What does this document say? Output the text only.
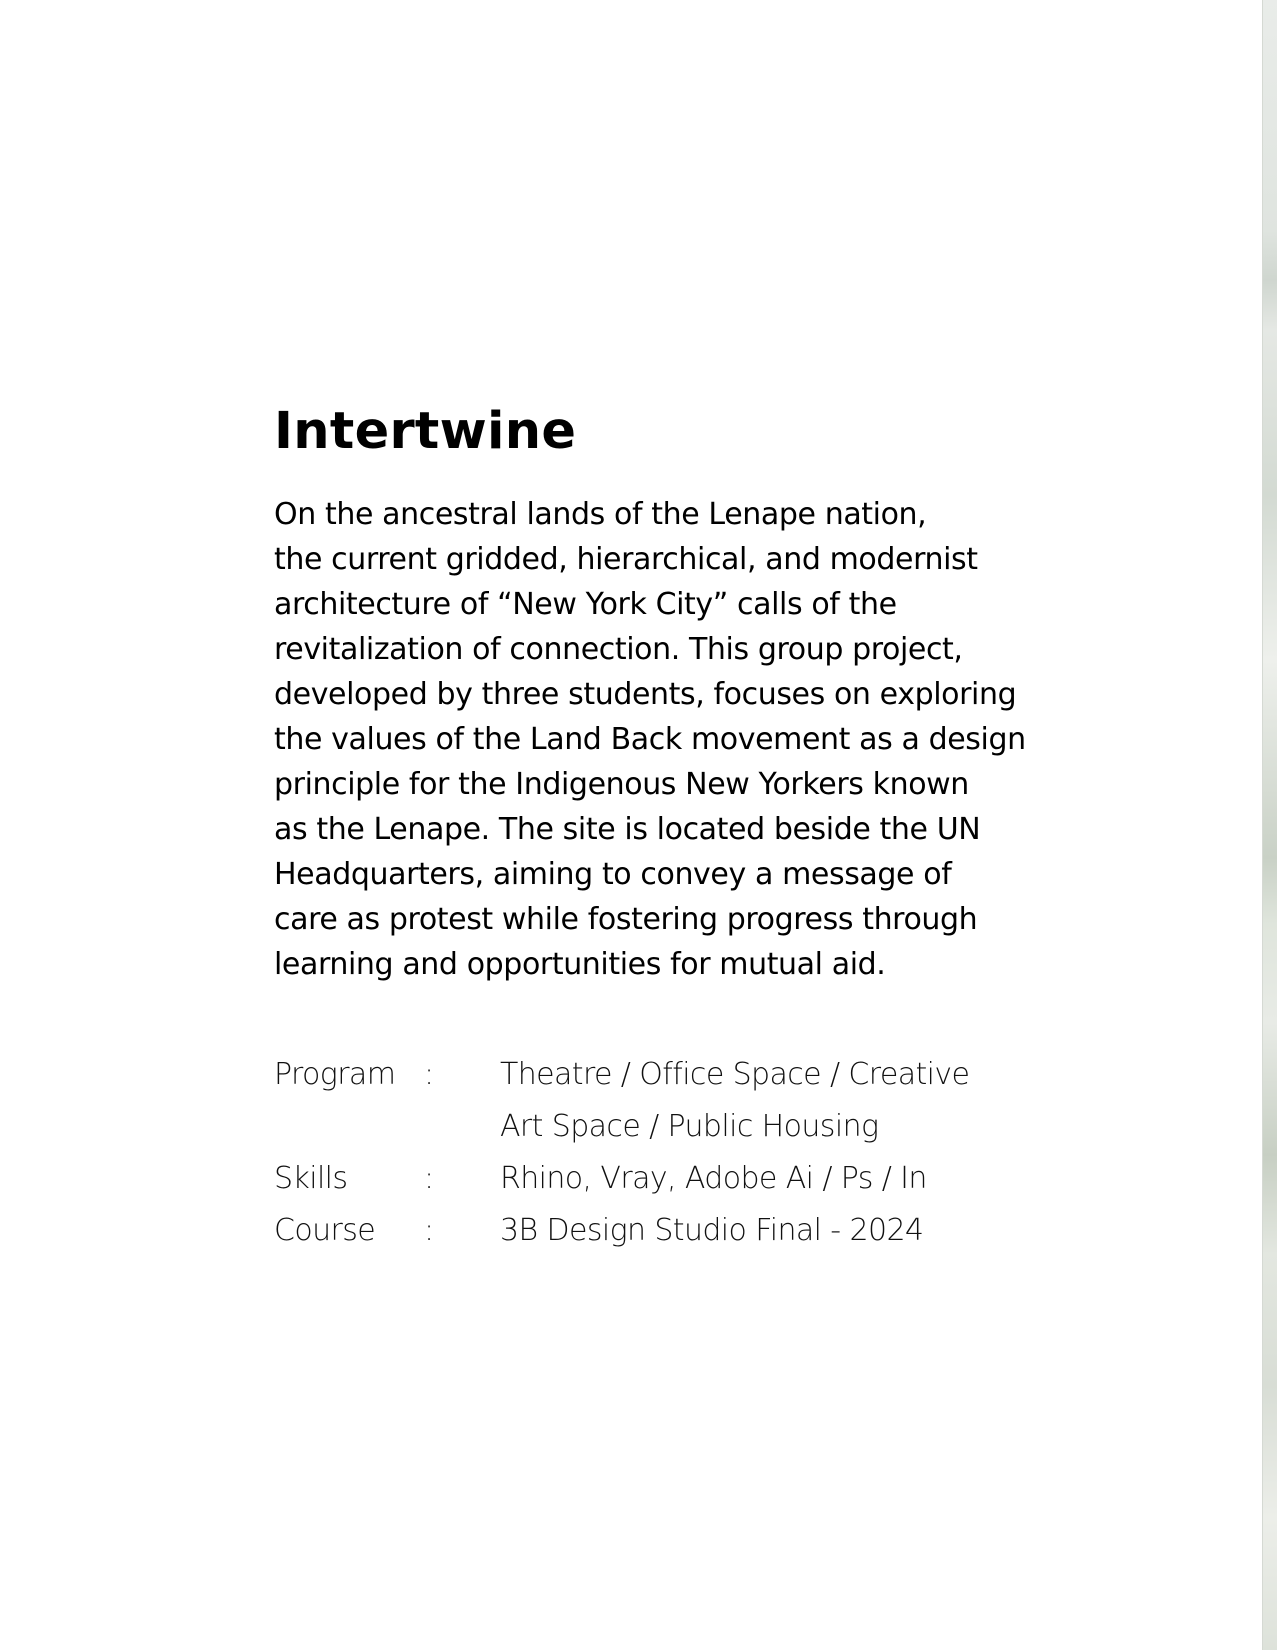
Intertwine

On the ancestral lands of the Lenape nation,
the current gridded, hierarchical, and modernist
architecture of “New York City” calls of the
revitalization of connection. This group project,
developed by three students, focuses on exploring
the values of the Land Back movement as a design
principle for the Indigenous New Yorkers known
as the Lenape. The site is located beside the UN
Headquarters, aiming to convey a message of
care as protest while fostering progress through
learning and opportunities for mutual aid.

Program :	Theatre / Office Space / Creative
Art Space / Public Housing
Skills	:	Rhino, Vray, Adobe Ai / Ps / In
Course	:	3B Design Studio Final - 2024
